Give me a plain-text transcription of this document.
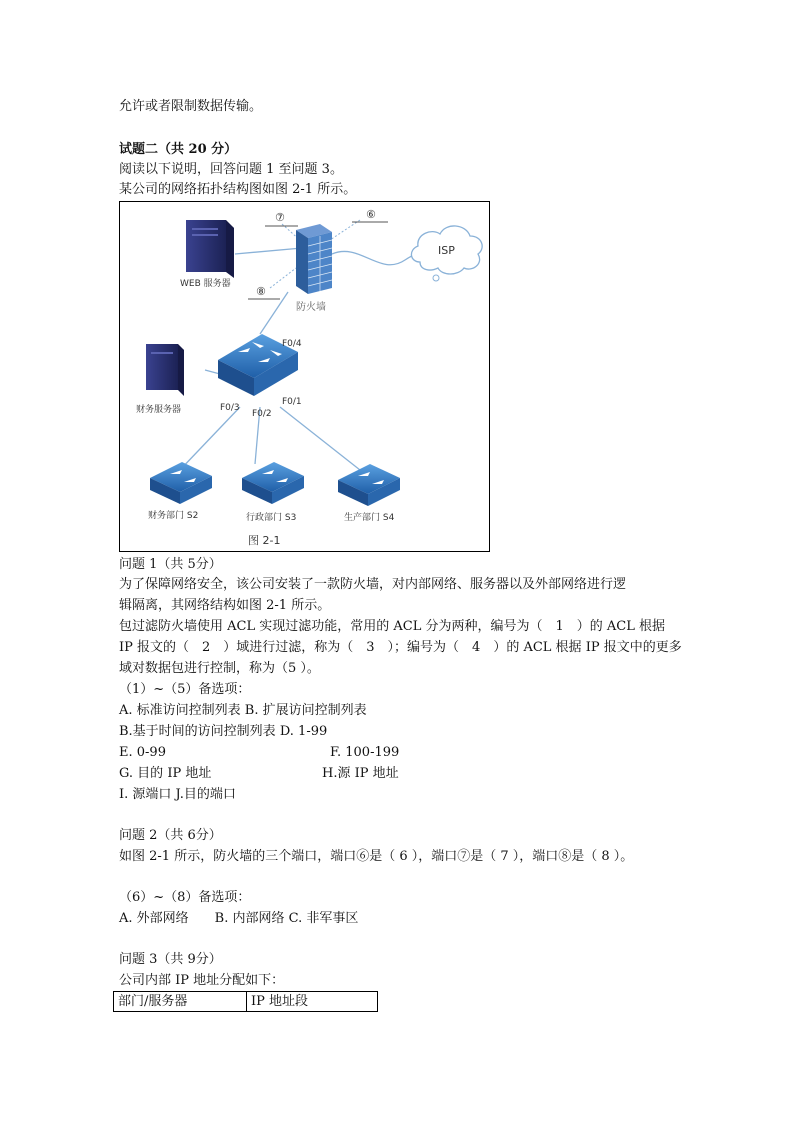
允许或者限制数据传输。
试题二（共 20 分）
阅读以下说明，回答问题 1 至问题 3。
某公司的网络拓扑结构图如图 2-1 所示。
⑦	⑥
⑧
WEB 服务器
防火墙
ISP
财务服务器
F0/4
F0/3
F0/2
F0/1
财务部门 S2	行政部门 S3	生产部门 S4
图 2-1
问题 1（共 5分）
为了保障网络安全，该公司安装了一款防火墙，对内部网络、服务器以及外部网络进行逻
辑隔离，其网络结构如图 2-1 所示。
包过滤防火墙使用 ACL 实现过滤功能，常用的 ACL 分为两种，编号为（　1　）的 ACL 根据
IP 报文的（　2　）域进行过滤，称为（　3　）；编号为（　4　）的 ACL 根据 IP 报文中的更多
域对数据包进行控制，称为（5 ）。
（1）~（5）备选项：
A. 标准访问控制列表 B. 扩展访问控制列表
B.基于时间的访问控制列表 D. 1-99
E. 0-99	F. 100-199
G. 目的 IP 地址	H.源 IP 地址
I. 源端口 J.目的端口
问题 2（共 6分）
如图 2-1 所示，防火墙的三个端口，端口⑥是（ 6 ），端口⑦是（ 7 ），端口⑧是（ 8 ）。
（6）~（8）备选项：
A. 外部网络　　B. 内部网络 C. 非军事区
问题 3（共 9分）
公司内部 IP 地址分配如下：
部门/服务器	IP 地址段
